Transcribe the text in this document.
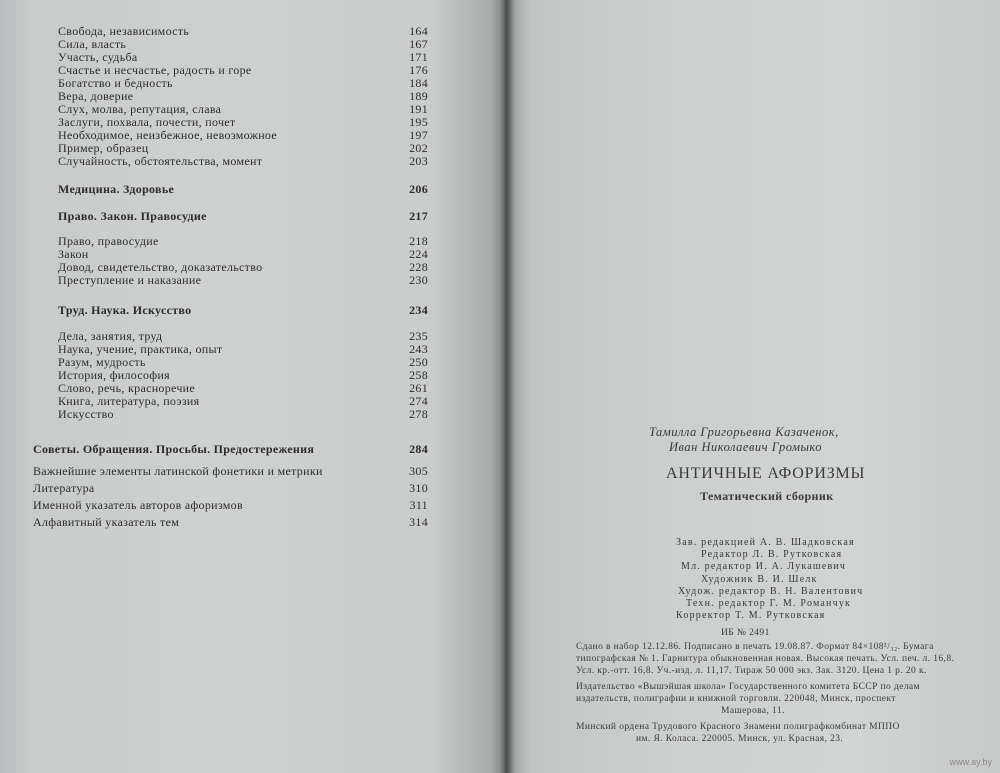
Свобода, независимость	164
Сила, власть	167
Участь, судьба	171
Счастье и несчастье, радость и горе	176
Богатство и бедность	184
Вера, доверие	189
Слух, молва, репутация, слава	191
Заслуги, похвала, почести, почет	195
Необходимое, неизбежное, невозможное	197
Пример, образец	202
Случайность, обстоятельства, момент	203
Медицина. Здоровье	206
Право. Закон. Правосудие	217
Право, правосудие	218
Закон	224
Довод, свидетельство, доказательство	228
Преступление и наказание	230
Труд. Наука. Искусство	234
Дела, занятия, труд	235
Наука, учение, практика, опыт	243
Разум, мудрость	250
История, философия	258
Слово, речь, красноречие	261
Книга, литература, поэзия	274
Искусство	278
Советы. Обращения. Просьбы. Предостережения	284
Важнейшие элементы латинской фонетики и метрики	305
Литература	310
Именной указатель авторов афоризмов	311
Алфавитный указатель тем	314
Тамилла Григорьевна Казаченок,
Иван Николаевич Громыко
АНТИЧНЫЕ АФОРИЗМЫ
Тематический сборник
Зав. редакцией А. В. Шадковская
Редактор Л. В. Рутковская
Мл. редактор И. А. Лукашевич
Художник В. И. Шелк
Худож. редактор В. Н. Валентович
Техн. редактор Г. М. Романчук
Корректор Т. М. Рутковская
ИБ № 2491
Сдано в набор 12.12.86. Подписано в печать 19.08.87. Формат 84×108¹/₃₂. Бумага
типографская № 1. Гарнитура обыкновенная новая. Высокая печать. Усл. печ. л. 16,8.
Усл. кр.-отт. 16,8. Уч.-изд. л. 11,17. Тираж 50 000 экз. Зак. 3120. Цена 1 р. 20 к.
Издательство «Вышэйшая школа» Государственного комитета БССР по делам
издательств, полиграфии и книжной торговли. 220048, Минск, проспект
Машерова, 11.
Минский ордена Трудового Красного Знамени полиграфкомбинат МППО
им. Я. Коласа. 220005. Минск, ул. Красная, 23.
www.ay.by
